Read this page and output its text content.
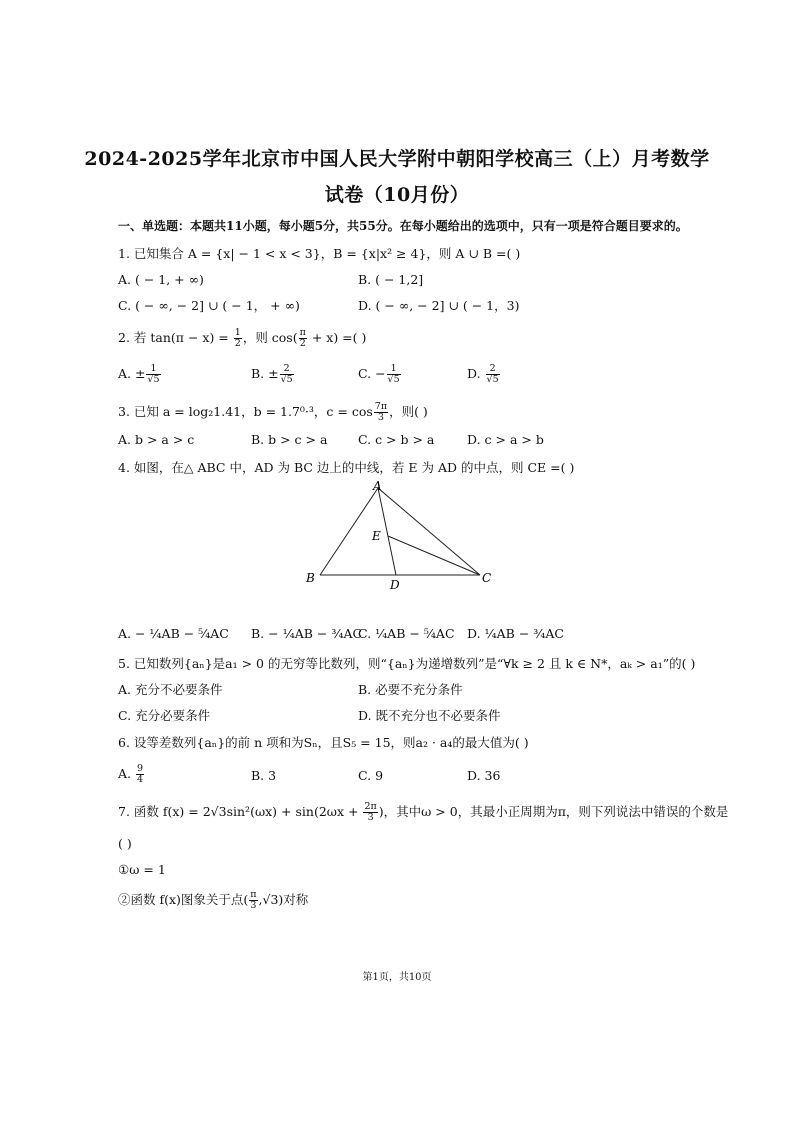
2024-2025学年北京市中国人民大学附中朝阳学校高三（上）月考数学
试卷（10月份）
一、单选题：本题共11小题，每小题5分，共55分。在每小题给出的选项中，只有一项是符合题目要求的。
1. 已知集合 A = {x| − 1 < x < 3}，B = {x|x² ≥ 4}，则 A ∪ B =( )
A. ( − 1, + ∞)	B. ( − 1,2]
C. ( − ∞, − 2] ∪ ( − 1， + ∞)	D. ( − ∞, − 2] ∪ ( − 1，3)
2. 若 $\tan(\pi - x) = \frac{1}{2}$ ，则 $\cos( \frac{\pi}{2} + x)$ =( )
A. ± $\frac{1}{√5}$	B. ± $\frac{2}{√5}$	C. − $\frac{1}{√5}$	D. $\frac{2}{√5}$
3. 已知 a = log₂1.41，b = 1.7⁰·³，$c = \cos \frac{7\pi}{3}$ ，则( )
A. b > a > c	B. b > c > a C. c > b > a	D. c > a > b
4. 如图，在△ ABC 中，AD 为 BC 边上的中线，若 E 为 AD 的中点，则 CE =( )
A
B	C
D
E
A. − ¼AB − ⁵⁄₄AC B. − ¼AB − ¾AC
C. ¼AB − ⁵⁄₄AC D. ¼AB − ¾AC
5. 已知数列{aₙ}是a₁ > 0 的无穷等比数列，则“{aₙ}为递增数列”是“∀k ≥ 2 且 k ∈ N*，aₖ > a₁”的( )
A. 充分不必要条件	B. 必要不充分条件
C. 充分必要条件	D. 既不充分也不必要条件
6. 设等差数列{aₙ}的前 n 项和为Sₙ，且S₅ = 15，则a₂ · a₄的最大值为( )
A. $\frac{9}{4}$	B. 3	C. 9	D. 36
7. 函数 $f(x) = 2√3\sin^2(\omega x) + \sin(2\omega x + \frac{2\pi}{3}$ )，其中ω > 0，其最小正周期为π，则下列说法中错误的个数是
( )
①ω = 1
②函数 f(x)图象关于点( $\frac{\pi}{3} ,√3$)对称
第1页，共10页
